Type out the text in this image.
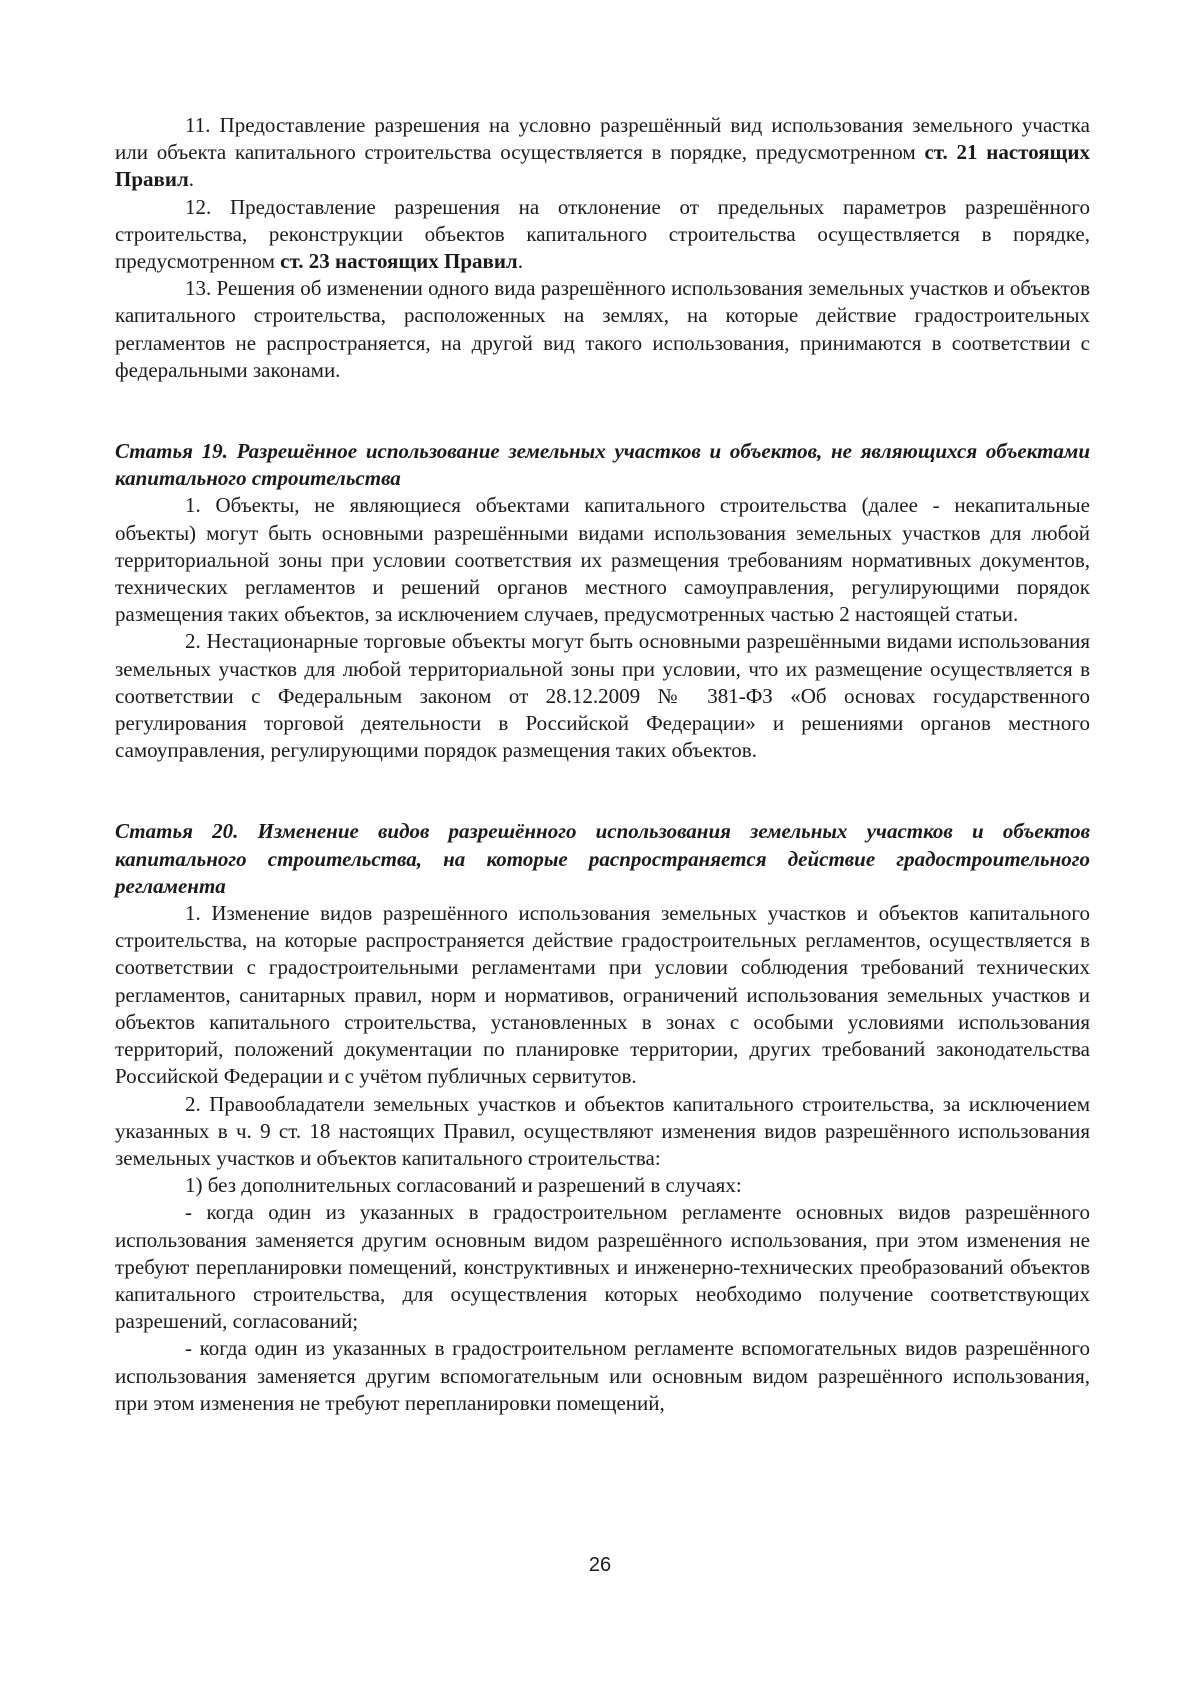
11. Предоставление разрешения на условно разрешённый вид использования земельного участка или объекта капитального строительства осуществляется в порядке, предусмотренном ст. 21 настоящих Правил.

12. Предоставление разрешения на отклонение от предельных параметров разрешённого строительства, реконструкции объектов капитального строительства осуществляется в порядке, предусмотренном ст. 23 настоящих Правил.

13. Решения об изменении одного вида разрешённого использования земельных участков и объектов капитального строительства, расположенных на землях, на которые действие градостроительных регламентов не распространяется, на другой вид такого использования, принимаются в соответствии с федеральными законами.

Статья 19. Разрешённое использование земельных участков и объектов, не являющихся объектами капитального строительства

1. Объекты, не являющиеся объектами капитального строительства (далее - некапитальные объекты) могут быть основными разрешёнными видами использования земельных участков для любой территориальной зоны при условии соответствия их размещения требованиям нормативных документов, технических регламентов и решений органов местного самоуправления, регулирующими порядок размещения таких объектов, за исключением случаев, предусмотренных частью 2 настоящей статьи.

2. Нестационарные торговые объекты могут быть основными разрешёнными видами использования земельных участков для любой территориальной зоны при условии, что их размещение осуществляется в соответствии с Федеральным законом от 28.12.2009 № 381-ФЗ «Об основах государственного регулирования торговой деятельности в Российской Федерации» и решениями органов местного самоуправления, регулирующими порядок размещения таких объектов.

Статья 20. Изменение видов разрешённого использования земельных участков и объектов капитального строительства, на которые распространяется действие градостроительного регламента

1. Изменение видов разрешённого использования земельных участков и объектов капитального строительства, на которые распространяется действие градостроительных регламентов, осуществляется в соответствии с градостроительными регламентами при условии соблюдения требований технических регламентов, санитарных правил, норм и нормативов, ограничений использования земельных участков и объектов капитального строительства, установленных в зонах с особыми условиями использования территорий, положений документации по планировке территории, других требований законодательства Российской Федерации и с учётом публичных сервитутов.

2. Правообладатели земельных участков и объектов капитального строительства, за исключением указанных в ч. 9 ст. 18 настоящих Правил, осуществляют изменения видов разрешённого использования земельных участков и объектов капитального строительства:

1) без дополнительных согласований и разрешений в случаях:

- когда один из указанных в градостроительном регламенте основных видов разрешённого использования заменяется другим основным видом разрешённого использования, при этом изменения не требуют перепланировки помещений, конструктивных и инженерно-технических преобразований объектов капитального строительства, для осуществления которых необходимо получение соответствующих разрешений, согласований;

- когда один из указанных в градостроительном регламенте вспомогательных видов разрешённого использования заменяется другим вспомогательным или основным видом разрешённого использования, при этом изменения не требуют перепланировки помещений,

26
